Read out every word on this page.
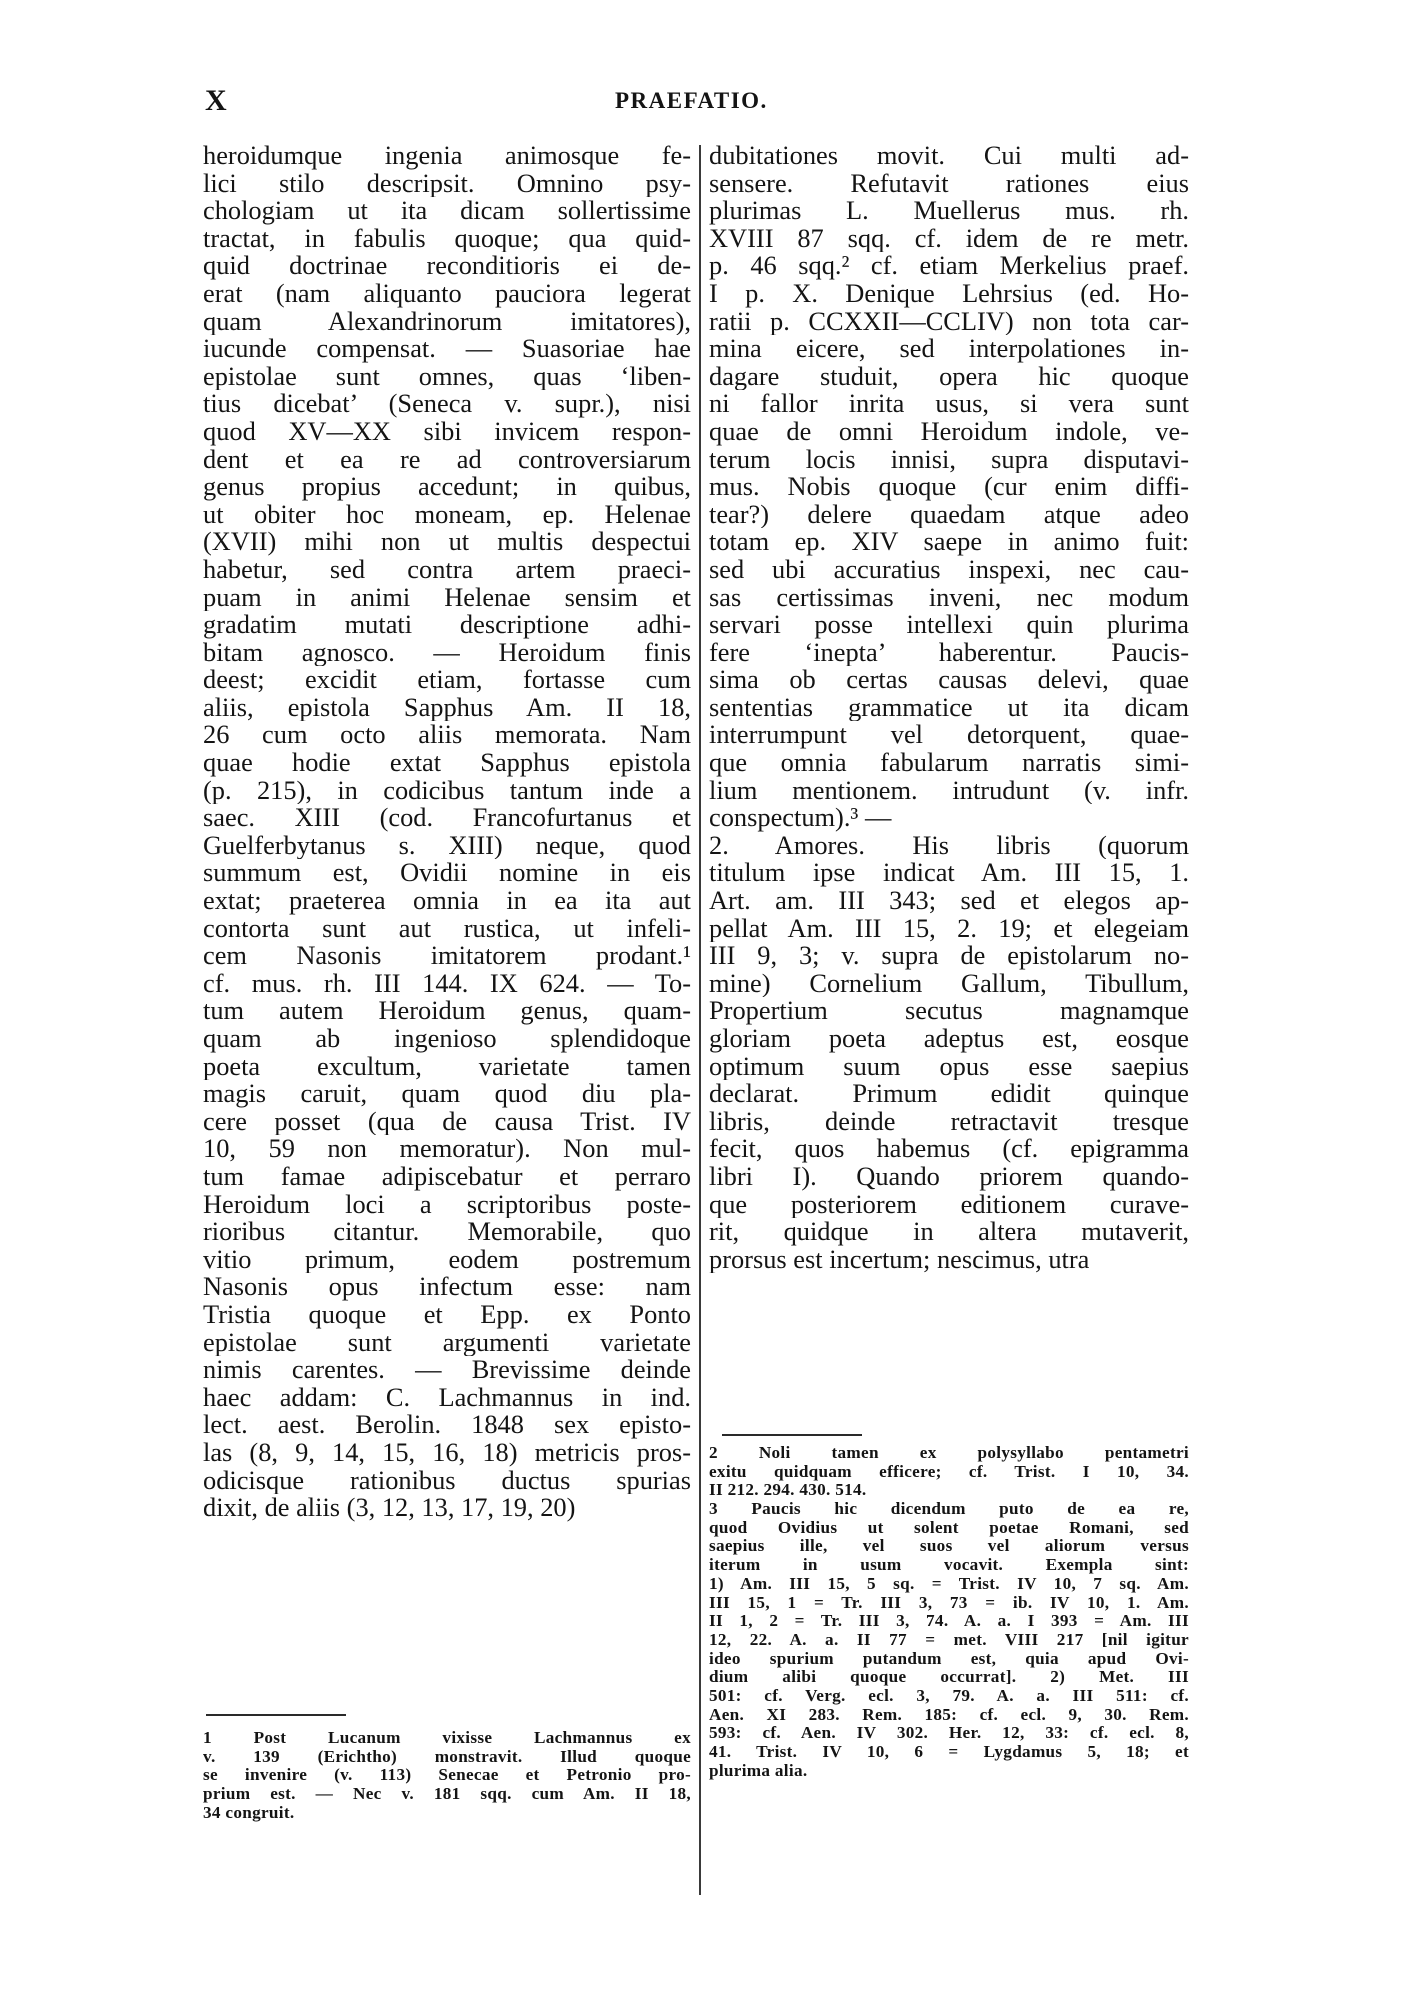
X	PRAEFATIO.
heroidumque ingenia animosque fe-
lici stilo descripsit. Omnino psy-
chologiam ut ita dicam sollertissime
tractat, in fabulis quoque; qua quid-
quid doctrinae reconditioris ei de-
erat (nam aliquanto pauciora legerat
quam Alexandrinorum imitatores),
iucunde compensat. — Suasoriae hae
epistolae sunt omnes, quas ‘liben-
tius dicebat’ (Seneca v. supr.), nisi
quod XV—XX sibi invicem respon-
dent et ea re ad controversiarum
genus propius accedunt; in quibus,
ut obiter hoc moneam, ep. Helenae
(XVII) mihi non ut multis despectui
habetur, sed contra artem praeci-
puam in animi Helenae sensim et
gradatim mutati descriptione adhi-
bitam agnosco. — Heroidum finis
deest; excidit etiam, fortasse cum
aliis, epistola Sapphus Am. II 18,
26 cum octo aliis memorata. Nam
quae hodie extat Sapphus epistola
(p. 215), in codicibus tantum inde a
saec. XIII (cod. Francofurtanus et
Guelferbytanus s. XIII) neque, quod
summum est, Ovidii nomine in eis
extat; praeterea omnia in ea ita aut
contorta sunt aut rustica, ut infeli-
cem Nasonis imitatorem prodant.¹
cf. mus. rh. III 144. IX 624. — To-
tum autem Heroidum genus, quam-
quam ab ingenioso splendidoque
poeta excultum, varietate tamen
magis caruit, quam quod diu pla-
cere posset (qua de causa Trist. IV
10, 59 non memoratur). Non mul-
tum famae adipiscebatur et perraro
Heroidum loci a scriptoribus poste-
rioribus citantur. Memorabile, quo
vitio primum, eodem postremum
Nasonis opus infectum esse: nam
Tristia quoque et Epp. ex Ponto
epistolae sunt argumenti varietate
nimis carentes. — Brevissime deinde
haec addam: C. Lachmannus in ind.
lect. aest. Berolin. 1848 sex episto-
las (8, 9, 14, 15, 16, 18) metricis pros-
odicisque rationibus ductus spurias
dixit, de aliis (3, 12, 13, 17, 19, 20)
dubitationes movit. Cui multi ad-
sensere. Refutavit rationes eius
plurimas L. Muellerus mus. rh.
XVIII 87 sqq. cf. idem de re metr.
p. 46 sqq.² cf. etiam Merkelius praef.
I p. X. Denique Lehrsius (ed. Ho-
ratii p. CCXXII—CCLIV) non tota car-
mina eicere, sed interpolationes in-
dagare studuit, opera hic quoque
ni fallor inrita usus, si vera sunt
quae de omni Heroidum indole, ve-
terum locis innisi, supra disputavi-
mus. Nobis quoque (cur enim diffi-
tear?) delere quaedam atque adeo
totam ep. XIV saepe in animo fuit:
sed ubi accuratius inspexi, nec cau-
sas certissimas inveni, nec modum
servari posse intellexi quin plurima
fere ‘inepta’ haberentur. Paucis-
sima ob certas causas delevi, quae
sententias grammatice ut ita dicam
interrumpunt vel detorquent, quae-
que omnia fabularum narratis simi-
lium mentionem. intrudunt (v. infr.
conspectum).³ —
2. Amores. His libris (quorum
titulum ipse indicat Am. III 15, 1.
Art. am. III 343; sed et elegos ap-
pellat Am. III 15, 2. 19; et elegeiam
III 9, 3; v. supra de epistolarum no-
mine) Cornelium Gallum, Tibullum,
Propertium secutus magnamque
gloriam poeta adeptus est, eosque
optimum suum opus esse saepius
declarat. Primum edidit quinque
libris, deinde retractavit tresque
fecit, quos habemus (cf. epigramma
libri I). Quando priorem quando-
que posteriorem editionem curave-
rit, quidque in altera mutaverit,
prorsus est incertum; nescimus, utra
2 Noli tamen ex polysyllabo pentametri
exitu quidquam efficere; cf. Trist. I 10, 34.
II 212. 294. 430. 514.
3 Paucis hic dicendum puto de ea re,
quod Ovidius ut solent poetae Romani, sed
saepius ille, vel suos vel aliorum versus
iterum in usum vocavit. Exempla sint:
1) Am. III 15, 5 sq. = Trist. IV 10, 7 sq. Am.
III 15, 1 = Tr. III 3, 73 = ib. IV 10, 1. Am.
II 1, 2 = Tr. III 3, 74. A. a. I 393 = Am. III
12, 22. A. a. II 77 = met. VIII 217 [nil igitur
ideo spurium putandum est, quia apud Ovi-
dium alibi quoque occurrat]. 2) Met. III
501: cf. Verg. ecl. 3, 79. A. a. III 511: cf.
Aen. XI 283. Rem. 185: cf. ecl. 9, 30. Rem.
593: cf. Aen. IV 302. Her. 12, 33: cf. ecl. 8,
41. Trist. IV 10, 6 = Lygdamus 5, 18; et
plurima alia.
1 Post Lucanum vixisse Lachmannus ex
v. 139 (Erichtho) monstravit. Illud quoque
se invenire (v. 113) Senecae et Petronio pro-
prium est. — Nec v. 181 sqq. cum Am. II 18,
34 congruit.
